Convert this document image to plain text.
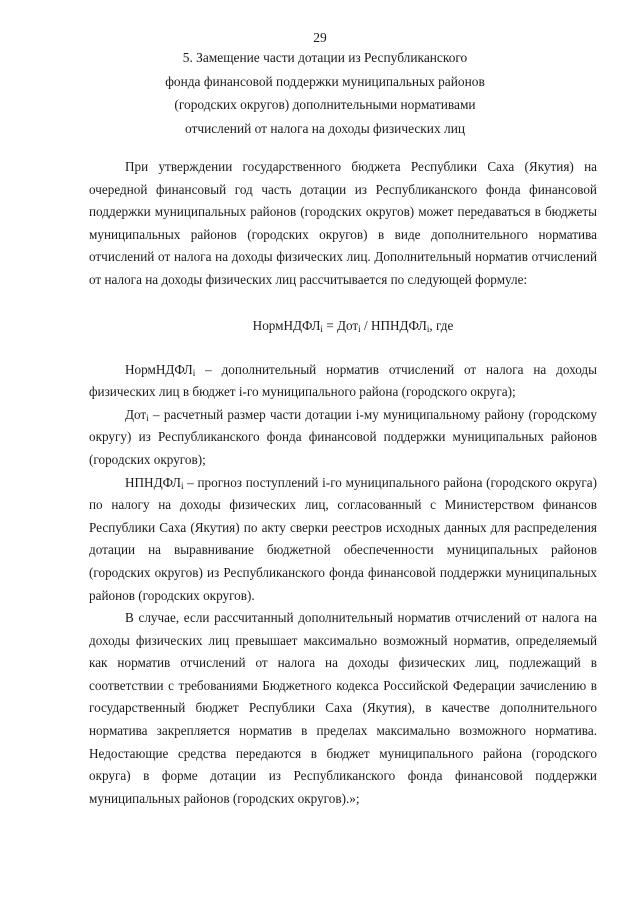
29
5. Замещение части дотации из Республиканского
фонда финансовой поддержки муниципальных районов
(городских округов) дополнительными нормативами
отчислений от налога на доходы физических лиц

При утверждении государственного бюджета Республики Саха (Якутия) на очередной финансовый год часть дотации из Республиканского фонда финансовой поддержки муниципальных районов (городских округов) может передаваться в бюджеты муниципальных районов (городских округов) в виде дополнительного норматива отчислений от налога на доходы физических лиц. Дополнительный норматив отчислений от налога на доходы физических лиц рассчитывается по следующей формуле:

НормНДФЛ$_i$ = $Дот_i / НПНДФЛ_i$, где

НормНДФЛ$_i$ – дополнительный норматив отчислений от налога на доходы физических лиц в бюджет i-го муниципального района (городского округа);

Дот$_i$ – расчетный размер части дотации i-му муниципальному району (городскому округу) из Республиканского фонда финансовой поддержки муниципальных районов (городских округов);

$НПНДФЛ_i$ – прогноз поступлений i-го муниципального района (городского округа) по налогу на доходы физических лиц, согласованный с Министерством финансов Республики Саха (Якутия) по акту сверки реестров исходных данных для распределения дотации на выравнивание бюджетной обеспеченности муниципальных районов (городских округов) из Республиканского фонда финансовой поддержки муниципальных районов (городских округов).

В случае, если рассчитанный дополнительный норматив отчислений от налога на доходы физических лиц превышает максимально возможный норматив, определяемый как норматив отчислений от налога на доходы физических лиц, подлежащий в соответствии с требованиями Бюджетного кодекса Российской Федерации зачислению в государственный бюджет Республики Саха (Якутия), в качестве дополнительного норматива закрепляется норматив в пределах максимально возможного норматива. Недостающие средства передаются в бюджет муниципального района (городского округа) в форме дотации из Республиканского фонда финансовой поддержки муниципальных районов (городских округов).»;
